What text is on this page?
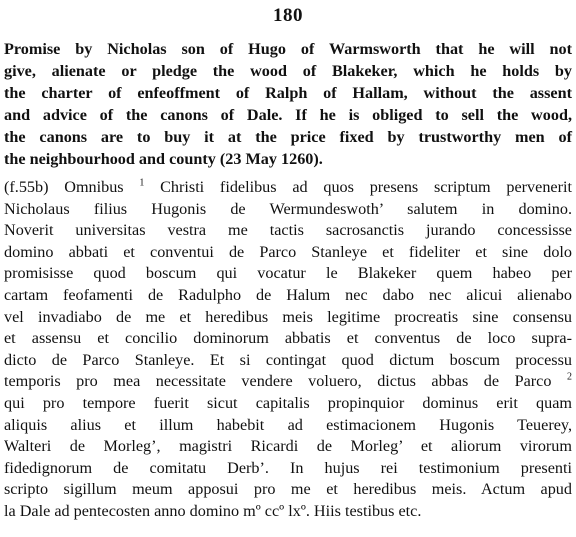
180
Promise by Nicholas son of Hugo of Warmsworth that he will not
give, alienate or pledge the wood of Blakeker, which he holds by
the charter of enfeoffment of Ralph of Hallam, without the assent
and advice of the canons of Dale. If he is obliged to sell the wood,
the canons are to buy it at the price fixed by trustworthy men of
the neighbourhood and county (23 May 1260).
(f.55b) Omnibus $^1$ Christi fidelibus ad quos presens scriptum pervenerit
Nicholaus filius Hugonis de Wermundeswoth’ salutem in domino.
Noverit universitas vestra me tactis sacrosanctis jurando concessisse
domino abbati et conventui de Parco Stanleye et fideliter et sine dolo
promisisse quod boscum qui vocatur le Blakeker quem habeo per
cartam feofamenti de Radulpho de Halum nec dabo nec alicui alienabo
vel invadiabo de me et heredibus meis legitime procreatis sine consensu
et assensu et concilio dominorum abbatis et conventus de loco supra-
dicto de Parco Stanleye. Et si contingat quod dictum boscum processu
temporis pro mea necessitate vendere voluero, dictus abbas de Parco $^2$
qui pro tempore fuerit sicut capitalis propinquior dominus erit quam
aliquis alius et illum habebit ad estimacionem Hugonis Teuerey,
Walteri de Morleg’, magistri Ricardi de Morleg’ et aliorum virorum
fidedignorum de comitatu Derb’. In hujus rei testimonium presenti
scripto sigillum meum apposui pro me et heredibus meis. Actum apud
la Dale ad pentecosten anno domino mº ccº lxº. Hiis testibus etc.
